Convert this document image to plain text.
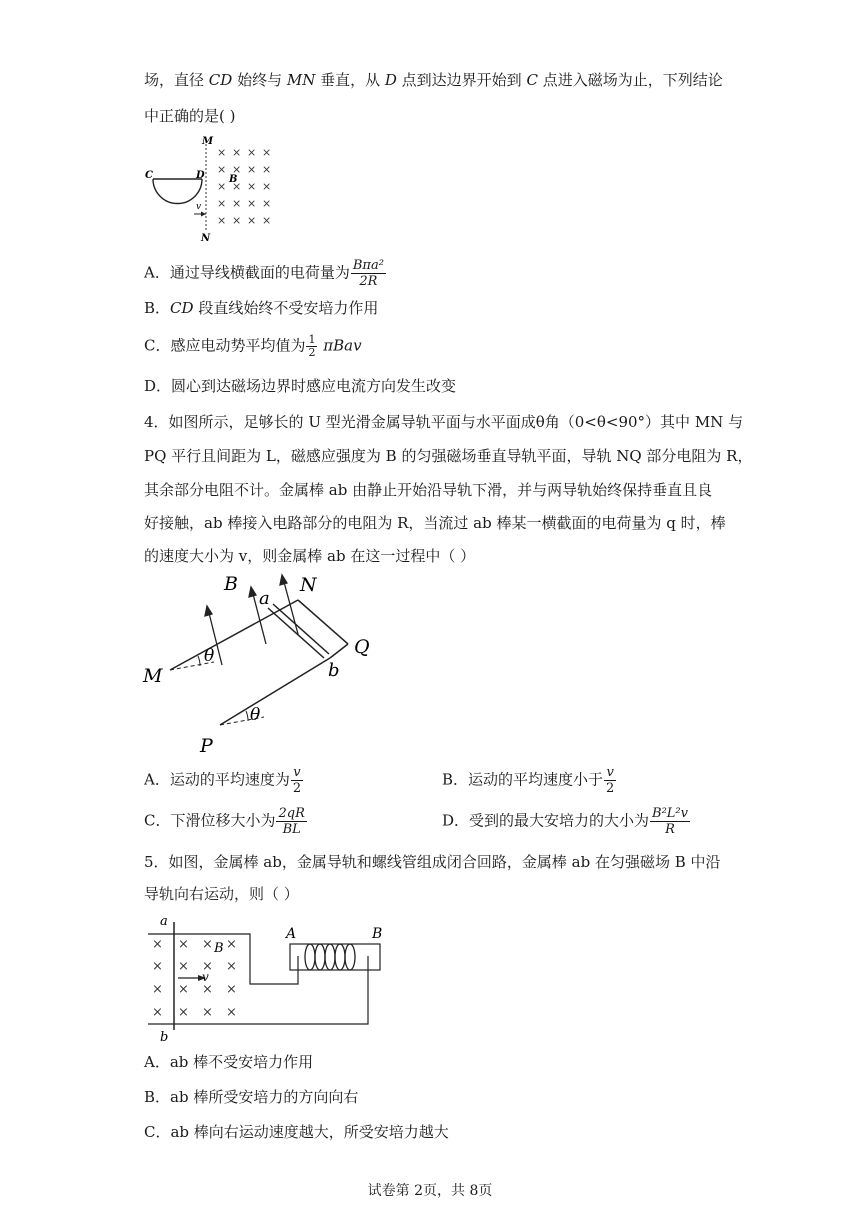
场，直径 CD 始终与 MN 垂直，从 D 点到达边界开始到 C 点进入磁场为止，下列结论
中正确的是( )
M
N
× × × ×
× × × ×
× × × ×
× × × ×
× × × ×
B
C	D
v
A．通过导线横截面的电荷量为 $\frac{\text{Bπa²}}{2R}$
B．CD 段直线始终不受安培力作用
C．感应电动势平均值为 $\frac{1}{2}$ πBav
D．圆心到达磁场边界时感应电流方向发生改变
4．如图所示，足够长的 U 型光滑金属导轨平面与水平面成θ角（0<θ<90°）其中 MN 与
PQ 平行且间距为 L，磁感应强度为 B 的匀强磁场垂直导轨平面，导轨 NQ 部分电阻为 R，
其余部分电阻不计。金属棒 ab 由静止开始沿导轨下滑，并与两导轨始终保持垂直且良
好接触，ab 棒接入电路部分的电阻为 R，当流过 ab 棒某一横截面的电荷量为 q 时，棒
的速度大小为 v，则金属棒 ab 在这一过程中（ ）
B
a
N
Q
M	b
P
θ
θ
A．运动的平均速度为 $\frac{v}{2}$	B．运动的平均速度小于 $\frac{v}{2}$
C．下滑位移大小为 $\frac{2qR}{BL}$	D．受到的最大安培力的大小为 $\frac{\text{B²L²v}}{R}$
5．如图，金属棒 ab，金属导轨和螺线管组成闭合回路，金属棒 ab 在匀强磁场 B 中沿
导轨向右运动，则（ ）
× × × ×
× × × ×
× × × ×
× × × ×
v
B
a
b
A	B
A．ab 棒不受安培力作用
B．ab 棒所受安培力的方向向右
C．ab 棒向右运动速度越大，所受安培力越大
试卷第 2页，共 8页
